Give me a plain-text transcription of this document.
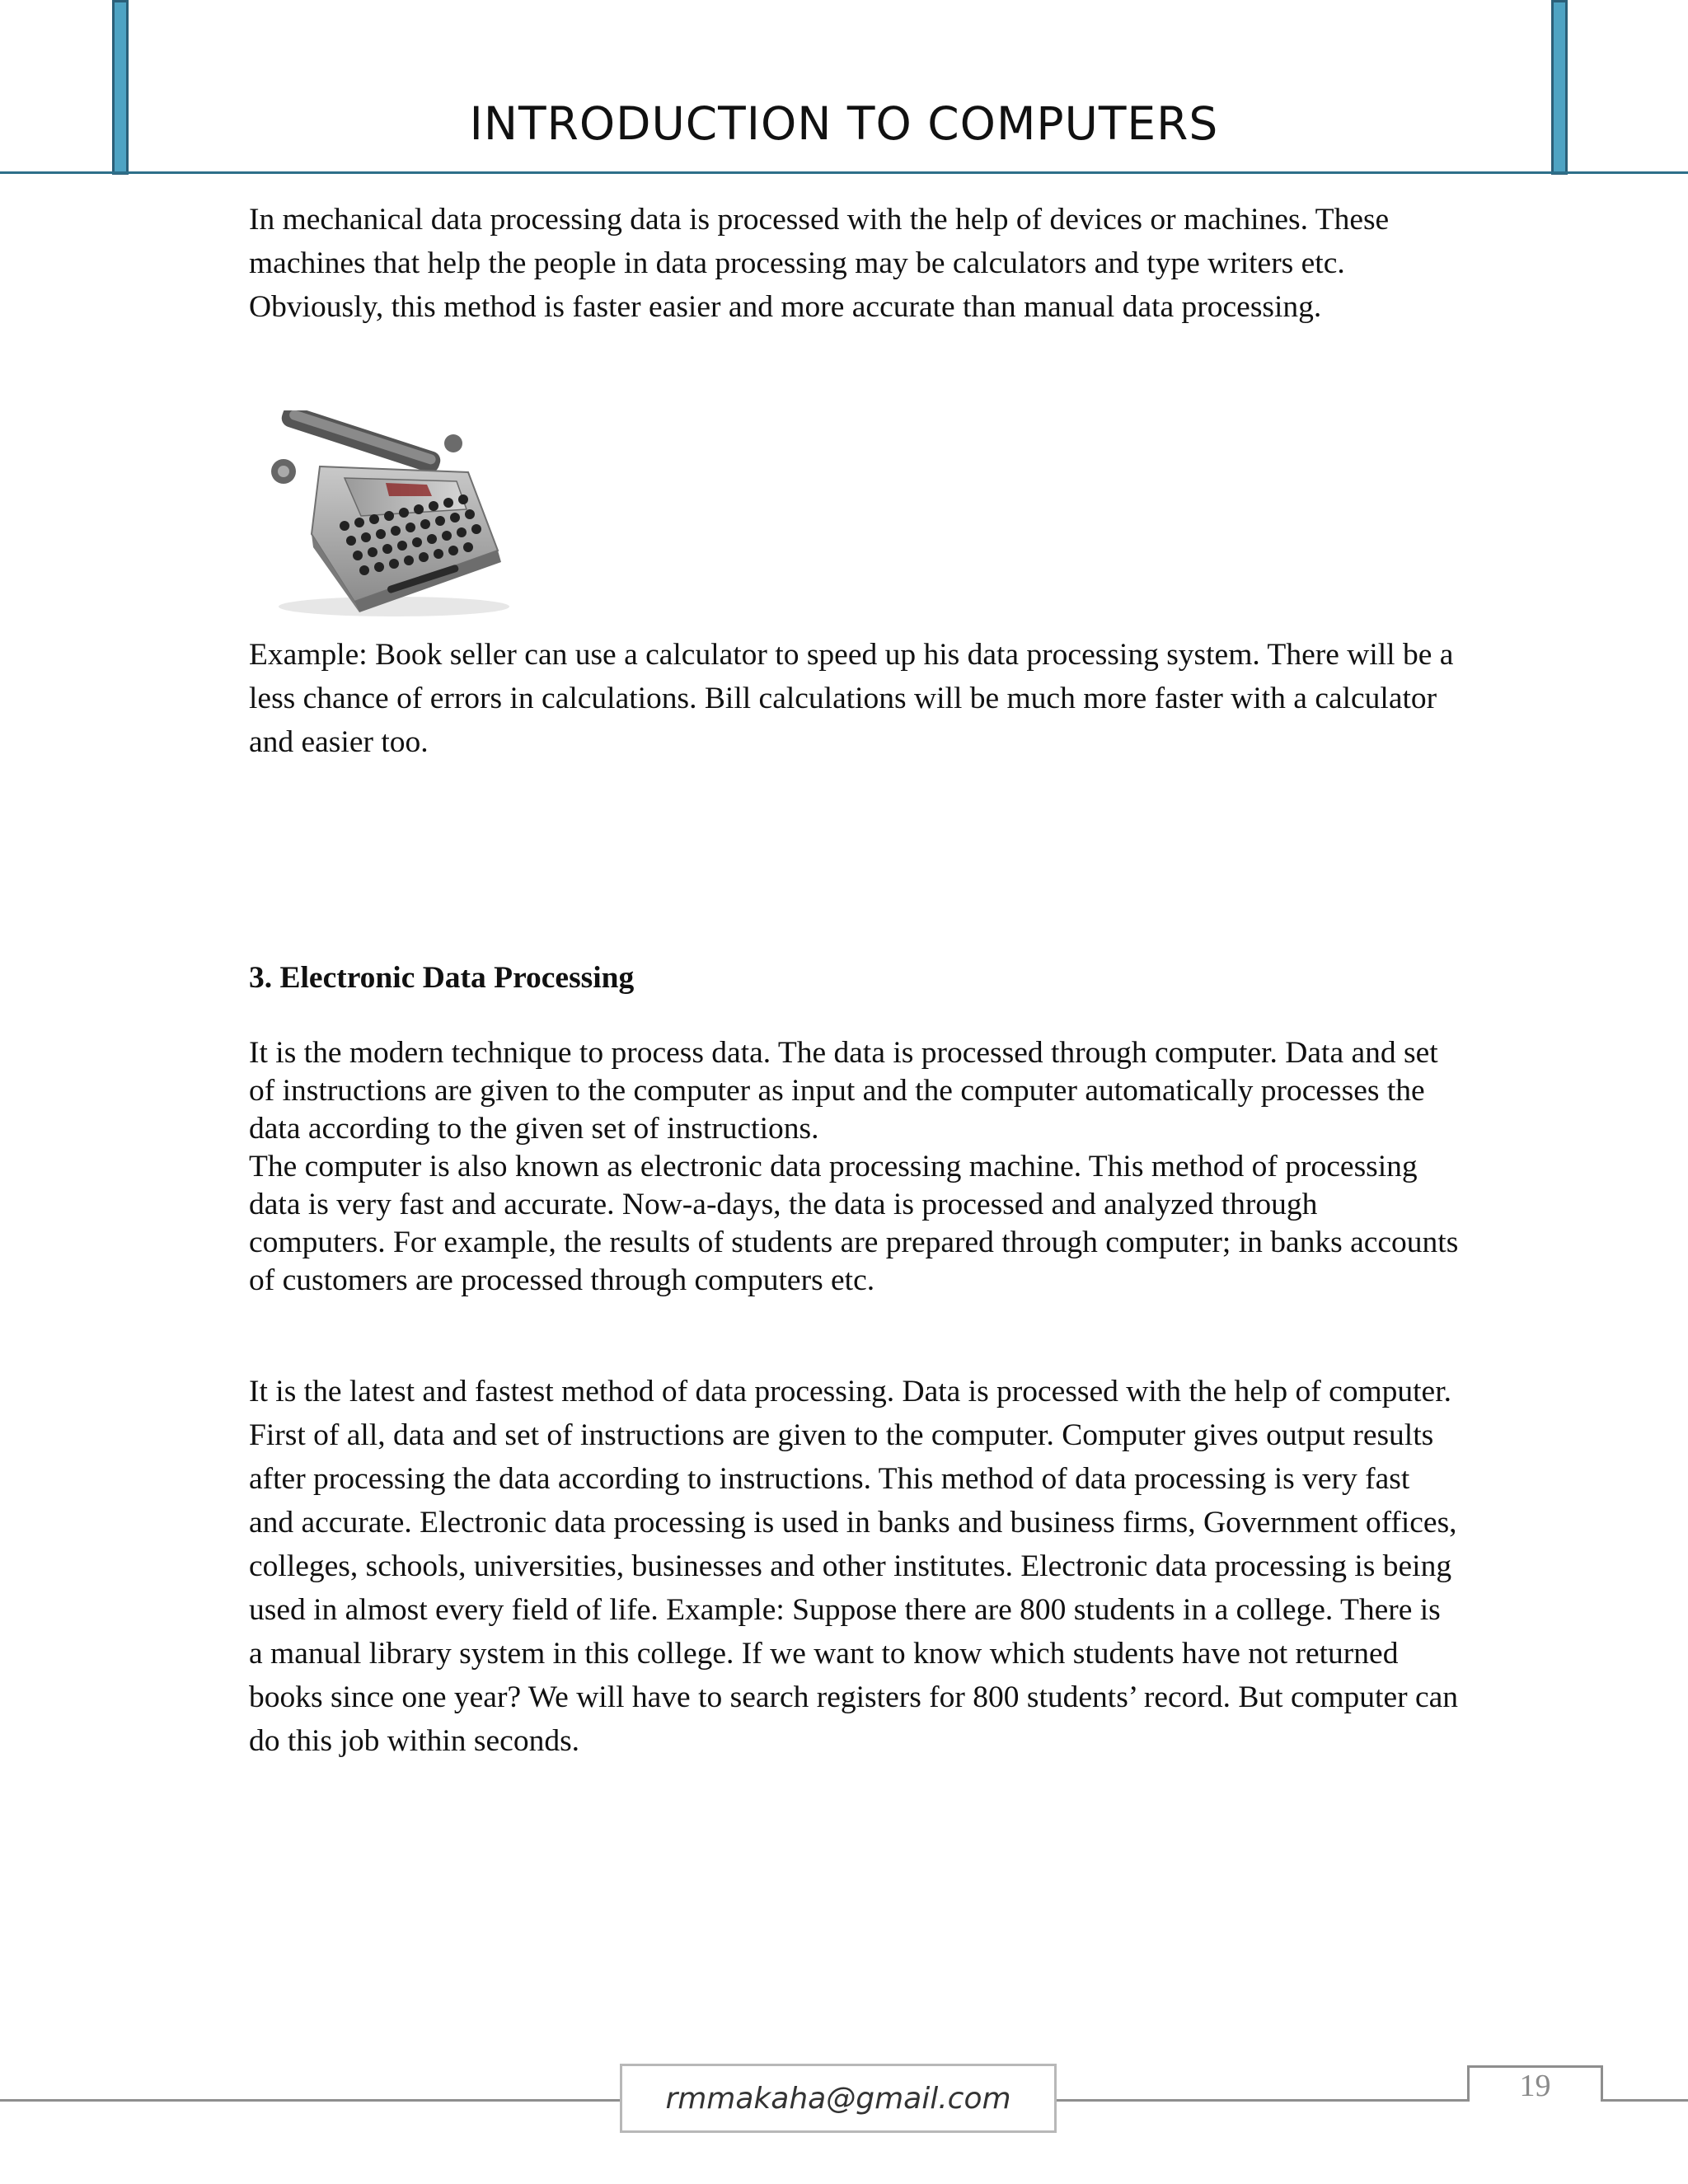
INTRODUCTION TO COMPUTERS

In mechanical data processing data is processed with the help of devices or machines. These machines that help the people in data processing may be calculators and type writers etc. Obviously, this method is faster easier and more accurate than manual data processing.

Example: Book seller can use a calculator to speed up his data processing system. There will be a less chance of errors in calculations. Bill calculations will be much more faster with a calculator and easier too.

3. Electronic Data Processing

It is the modern technique to process data. The data is processed through computer. Data and set of instructions are given to the computer as input and the computer automatically processes the data according to the given set of instructions.
The computer is also known as electronic data processing machine. This method of processing data is very fast and accurate. Now-a-days, the data is processed and analyzed through computers. For example, the results of students are prepared through computer; in banks accounts of customers are processed through computers etc.

It is the latest and fastest method of data processing. Data is processed with the help of computer. First of all, data and set of instructions are given to the computer. Computer gives output results after processing the data according to instructions. This method of data processing is very fast and accurate. Electronic data processing is used in banks and business firms, Government offices, colleges, schools, universities, businesses and other institutes. Electronic data processing is being used in almost every field of life. Example: Suppose there are 800 students in a college. There is a manual library system in this college. If we want to know which students have not returned books since one year? We will have to search registers for 800 students’ record. But computer can do this job within seconds.

rmmakaha@gmail.com	19
